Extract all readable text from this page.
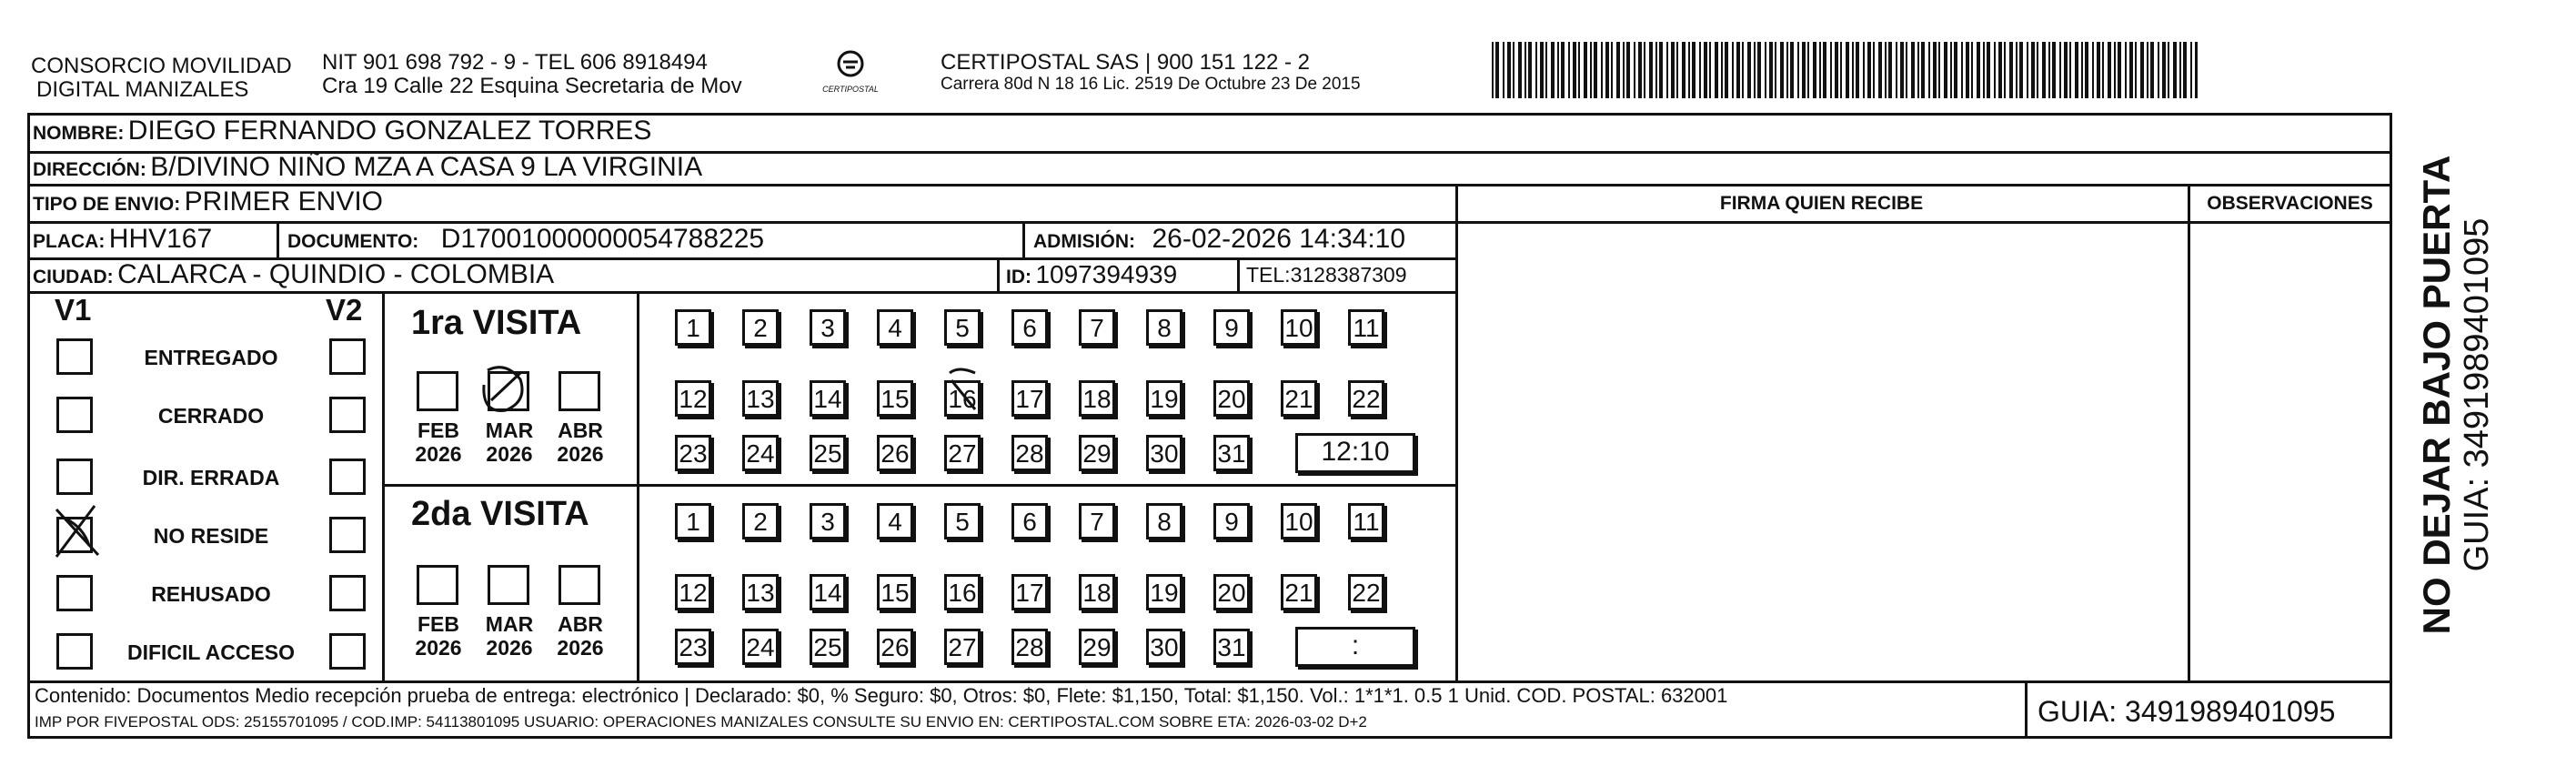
CONSORCIO MOVILIDAD
DIGITAL MANIZALES
NIT 901 698 792 - 9 - TEL 606 8918494
Cra 19 Calle 22 Esquina Secretaria de Mov	CERTIPOSTAL
CERTIPOSTAL SAS | 900 151 122 - 2
Carrera 80d N 18 16 Lic. 2519 De Octubre 23 De 2015
FIRMA QUIEN RECIBE	OBSERVACIONES
NOMBRE: DIEGO FERNANDO GONZALEZ TORRES
DIRECCIÓN: B/DIVINO NIÑO MZA A CASA 9 LA VIRGINIA
TIPO DE ENVIO: PRIMER ENVIO
PLACA: HHV167	DOCUMENTO: D17001000000054788225	ADMISIÓN: 26-02-2026 14:34:10
CIUDAD: CALARCA - QUINDIO - COLOMBIA	ID: 1097394939	TEL:3128387309
V1	V2
ENTREGADO
CERRADO
DIR. ERRADA
NO RESIDE
REHUSADO
DIFICIL ACCESO
1ra VISITA
2da VISITA
FEB
2026
MAR
2026
ABR
2026
FEB
2026
MAR
2026
ABR
2026
1	2	3	4	5	6	7	8	9	10 11
12 13 14 15 16 17 18 19 20 21 22
23 24 25 26 27 28 29 30 31
1	2	3	4	5	6	7	8	9	10 11
12 13 14 15 16 17 18 19 20 21 22
23 24 25 26 27 28 29 30 31
12:10
:
Contenido: Documentos Medio recepción prueba de entrega: electrónico | Declarado: $0, % Seguro: $0, Otros: $0, Flete: $1,150, Total: $1,150. Vol.: 1*1*1. 0.5 1 Unid. COD. POSTAL: 632001
IMP POR FIVEPOSTAL ODS: 25155701095 / COD.IMP: 54113801095 USUARIO: OPERACIONES MANIZALES CONSULTE SU ENVIO EN: CERTIPOSTAL.COM SOBRE ETA: 2026-03-02 D+2	GUIA: 3491989401095
NO DEJAR BAJO PUERTA GUIA: 3491989401095
